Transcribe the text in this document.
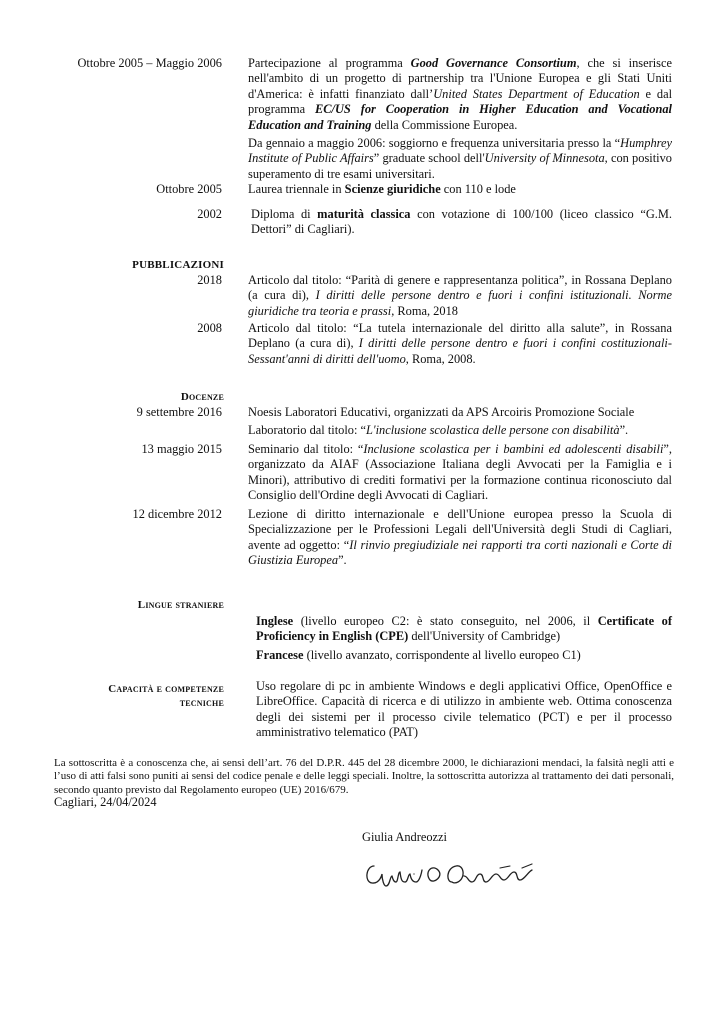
Ottobre 2005 – Maggio 2006 Partecipazione al programma Good Governance Consortium, che si inserisce nell'ambito di un progetto di partnership tra l'Unione Europea e gli Stati Uniti d'America: è infatti finanziato dall’United States Department of Education e dal programma EC/US for Cooperation in Higher Education and Vocational Education and Training della Commissione Europea.

Da gennaio a maggio 2006: soggiorno e frequenza universitaria presso la “Humphrey Institute of Public Affairs” graduate school dell'University of Minnesota, con positivo superamento di tre esami universitari.

Ottobre 2005 Laurea triennale in Scienze giuridiche con 110 e lode
2002 Diploma di maturità classica con votazione di 100/100 (liceo classico “G.M. Dettori” di Cagliari).
PUBBLICAZIONI
2018 Articolo dal titolo: “Parità di genere e rappresentanza politica”, in Rossana Deplano (a cura di), I diritti delle persone dentro e fuori i confini istituzionali. Norme giuridiche tra teoria e prassi, Roma, 2018
2008 Articolo dal titolo: “La tutela internazionale del diritto alla salute”, in Rossana Deplano (a cura di), I diritti delle persone dentro e fuori i confini costituzionali- Sessant'anni di diritti dell'uomo, Roma, 2008.
Docenze
9 settembre 2016 Noesis Laboratori Educativi, organizzati da APS Arcoiris Promozione Sociale

Laboratorio dal titolo: “L'inclusione scolastica delle persone con disabilità”.

13 maggio 2015 Seminario dal titolo: “Inclusione scolastica per i bambini ed adolescenti disabili”, organizzato da AIAF (Associazione Italiana degli Avvocati per la Famiglia e i Minori), attributivo di crediti formativi per la formazione continua riconosciuto dal Consiglio dell'Ordine degli Avvocati di Cagliari.
12 dicembre 2012 Lezione di diritto internazionale e dell'Unione europea presso la Scuola di Specializzazione per le Professioni Legali dell'Università degli Studi di Cagliari, avente ad oggetto: “Il rinvio pregiudiziale nei rapporti tra corti nazionali e Corte di Giustizia Europea”.
Lingue straniere
Inglese (livello europeo C2: è stato conseguito, nel 2006, il Certificate of Proficiency in English (CPE) dell'University of Cambridge)
Francese (livello avanzato, corrispondente al livello europeo C1)
Capacità e competenze
tecniche
Uso regolare di pc in ambiente Windows e degli applicativi Office, OpenOffice e LibreOffice. Capacità di ricerca e di utilizzo in ambiente web. Ottima conoscenza degli dei sistemi per il processo civile telematico (PCT) e per il processo amministrativo telematico (PAT)
La sottoscritta è a conoscenza che, ai sensi dell’art. 76 del D.P.R. 445 del 28 dicembre 2000, le dichiarazioni mendaci, la falsità negli atti e l’uso di atti falsi sono puniti ai sensi del codice penale e delle leggi speciali. Inoltre, la sottoscritta autorizza al trattamento dei dati personali, secondo quanto previsto dal Regolamento europeo (UE) 2016/679.
Cagliari, 24/04/2024
Giulia Andreozzi
